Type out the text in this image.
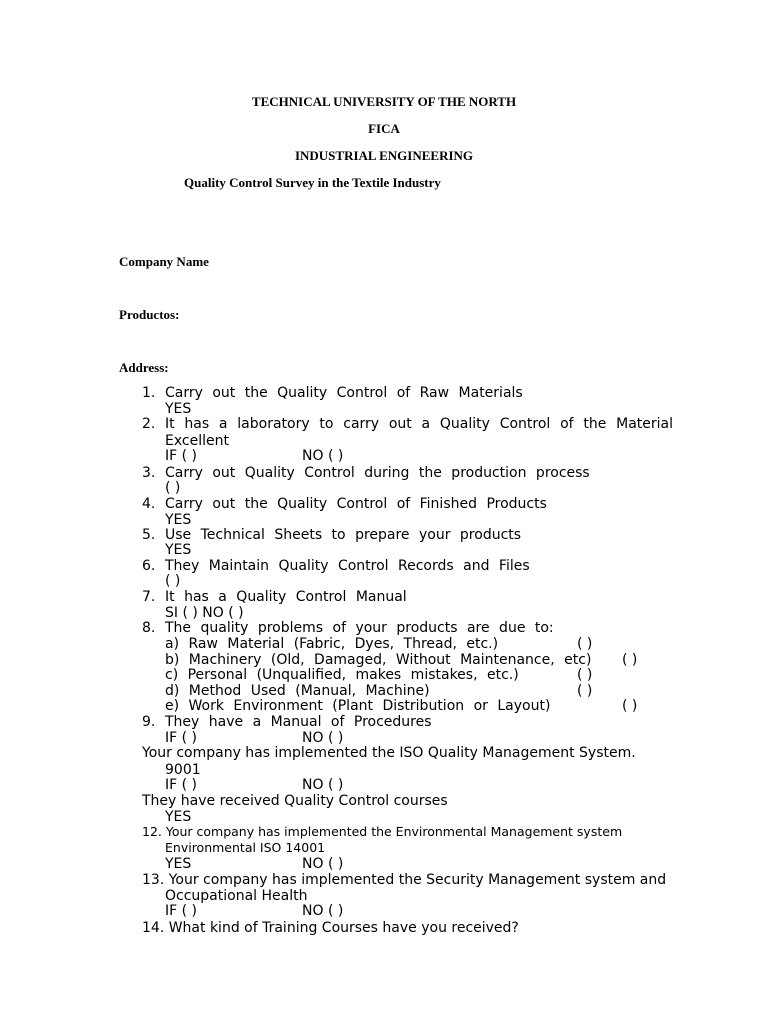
TECHNICAL UNIVERSITY OF THE NORTH
FICA
INDUSTRIAL ENGINEERING
Quality Control Survey in the Textile Industry
Company Name
Productos:
Address:
1. Carry out the Quality Control of Raw Materials
YES
2. It has a laboratory to carry out a Quality Control of the Material
Excellent
IF ( )	NO ( )
3. Carry out Quality Control during the production process
( )
4. Carry out the Quality Control of Finished Products
YES
5. Use Technical Sheets to prepare your products
YES
6. They Maintain Quality Control Records and Files
( )
7. It has a Quality Control Manual
SI ( ) NO ( )
8. The quality problems of your products are due to:
a) Raw Material (Fabric, Dyes, Thread, etc.)	( )
b) Machinery (Old, Damaged, Without Maintenance, etc) ( )
c) Personal (Unqualified, makes mistakes, etc.)	( )
d) Method Used (Manual, Machine)	( )
e) Work Environment (Plant Distribution or Layout)	( )
9. They have a Manual of Procedures
IF ( )	NO ( )
Your company has implemented the ISO Quality Management System.
9001
IF ( )	NO ( )
They have received Quality Control courses
YES
12. Your company has implemented the Environmental Management system
Environmental ISO 14001
YES	NO ( )
13. Your company has implemented the Security Management system and
Occupational Health
IF ( )	NO ( )
14. What kind of Training Courses have you received?
